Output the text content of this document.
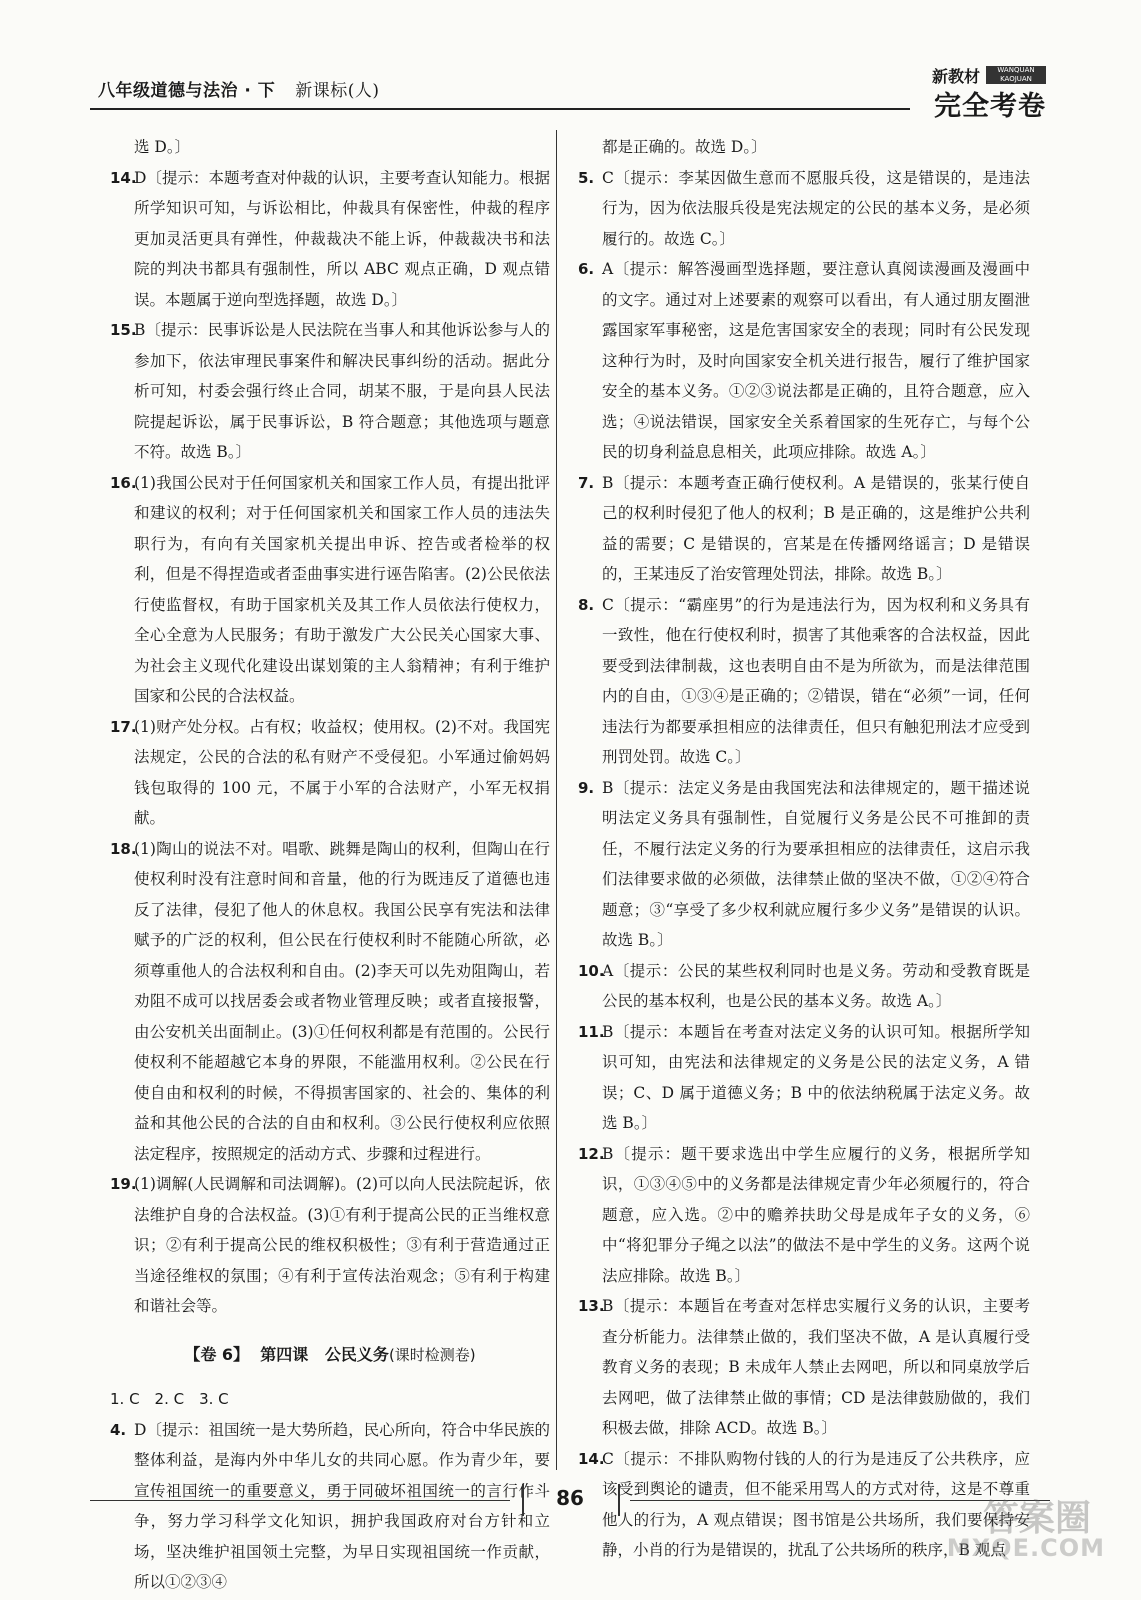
八年级道德与法治 · 下 新课标(人)
新教材	WANQUAN KAOJUAN
完全考卷

选 D。〕

14.
D〔提示：本题考查对仲裁的认识，主要考查认知能力。根据所学知识可知，与诉讼相比，仲裁具有保密性，仲裁的程序更加灵活更具有弹性，仲裁裁决不能上诉，仲裁裁决书和法院的判决书都具有强制性，所以 ABC 观点正确，D 观点错误。本题属于逆向型选择题，故选 D。〕
15.
B〔提示：民事诉讼是人民法院在当事人和其他诉讼参与人的参加下，依法审理民事案件和解决民事纠纷的活动。据此分析可知，村委会强行终止合同，胡某不服，于是向县人民法院提起诉讼，属于民事诉讼，B 符合题意；其他选项与题意不符。故选 B。〕
16.
(1)我国公民对于任何国家机关和国家工作人员，有提出批评和建议的权利；对于任何国家机关和国家工作人员的违法失职行为，有向有关国家机关提出申诉、控告或者检举的权利，但是不得捏造或者歪曲事实进行诬告陷害。(2)公民依法行使监督权，有助于国家机关及其工作人员依法行使权力，全心全意为人民服务；有助于激发广大公民关心国家大事、为社会主义现代化建设出谋划策的主人翁精神；有利于维护国家和公民的合法权益。
17.
(1)财产处分权。占有权；收益权；使用权。(2)不对。我国宪法规定，公民的合法的私有财产不受侵犯。小军通过偷妈妈钱包取得的 100 元，不属于小军的合法财产，小军无权捐献。
18.
(1)陶山的说法不对。唱歌、跳舞是陶山的权利，但陶山在行使权利时没有注意时间和音量，他的行为既违反了道德也违反了法律，侵犯了他人的休息权。我国公民享有宪法和法律赋予的广泛的权利，但公民在行使权利时不能随心所欲，必须尊重他人的合法权利和自由。(2)李天可以先劝阻陶山，若劝阻不成可以找居委会或者物业管理反映；或者直接报警，由公安机关出面制止。(3)①任何权利都是有范围的。公民行使权利不能超越它本身的界限，不能滥用权利。②公民在行使自由和权利的时候，不得损害国家的、社会的、集体的利益和其他公民的合法的自由和权利。③公民行使权利应依照法定程序，按照规定的活动方式、步骤和过程进行。
19.
(1)调解(人民调解和司法调解)。(2)可以向人民法院起诉，依法维护自身的合法权益。(3)①有利于提高公民的正当维权意识；②有利于提高公民的维权积极性；③有利于营造通过正当途径维权的氛围；④有利于宣传法治观念；⑤有利于构建和谐社会等。
【卷 6】 第四课 公民义务(课时检测卷)

1. C　2. C　3. C

4. D〔提示：祖国统一是大势所趋，民心所向，符合中华民族的整体利益，是海内外中华儿女的共同心愿。作为青少年，要宣传祖国统一的重要意义，勇于同破坏祖国统一的言行作斗争，努力学习科学文化知识，拥护我国政府对台方针和立场，坚决维护祖国领土完整，为早日实现祖国统一作贡献，所以①②③④

都是正确的。故选 D。〕

5. C〔提示：李某因做生意而不愿服兵役，这是错误的，是违法行为，因为依法服兵役是宪法规定的公民的基本义务，是必须履行的。故选 C。〕
6. A〔提示：解答漫画型选择题，要注意认真阅读漫画及漫画中的文字。通过对上述要素的观察可以看出，有人通过朋友圈泄露国家军事秘密，这是危害国家安全的表现；同时有公民发现这种行为时，及时向国家安全机关进行报告，履行了维护国家安全的基本义务。①②③说法都是正确的，且符合题意，应入选；④说法错误，国家安全关系着国家的生死存亡，与每个公民的切身利益息息相关，此项应排除。故选 A。〕
7. B〔提示：本题考查正确行使权利。A 是错误的，张某行使自己的权利时侵犯了他人的权利；B 是正确的，这是维护公共利益的需要；C 是错误的，宫某是在传播网络谣言；D 是错误的，王某违反了治安管理处罚法，排除。故选 B。〕
8. C〔提示：“霸座男”的行为是违法行为，因为权利和义务具有一致性，他在行使权利时，损害了其他乘客的合法权益，因此要受到法律制裁，这也表明自由不是为所欲为，而是法律范围内的自由，①③④是正确的；②错误，错在“必须”一词，任何违法行为都要承担相应的法律责任，但只有触犯刑法才应受到刑罚处罚。故选 C。〕
9. B〔提示：法定义务是由我国宪法和法律规定的，题干描述说明法定义务具有强制性，自觉履行义务是公民不可推卸的责任，不履行法定义务的行为要承担相应的法律责任，这启示我们法律要求做的必须做，法律禁止做的坚决不做，①②④符合题意；③“享受了多少权利就应履行多少义务”是错误的认识。故选 B。〕
10.
A〔提示：公民的某些权利同时也是义务。劳动和受教育既是公民的基本权利，也是公民的基本义务。故选 A。〕
11.
B〔提示：本题旨在考查对法定义务的认识可知。根据所学知识可知，由宪法和法律规定的义务是公民的法定义务，A 错误；C、D 属于道德义务；B 中的依法纳税属于法定义务。故选 B。〕
12.
B〔提示：题干要求选出中学生应履行的义务，根据所学知识，①③④⑤中的义务都是法律规定青少年必须履行的，符合题意，应入选。②中的赡养扶助父母是成年子女的义务，⑥中“将犯罪分子绳之以法”的做法不是中学生的义务。这两个说法应排除。故选 B。〕
13.
B〔提示：本题旨在考查对怎样忠实履行义务的认识，主要考查分析能力。法律禁止做的，我们坚决不做，A 是认真履行受教育义务的表现；B 未成年人禁止去网吧，所以和同桌放学后去网吧，做了法律禁止做的事情；CD 是法律鼓励做的，我们积极去做，排除 ACD。故选 B。〕
14.
C〔提示：不排队购物付钱的人的行为是违反了公共秩序，应该受到舆论的谴责，但不能采用骂人的方式对待，这是不尊重他人的行为，A 观点错误；图书馆是公共场所，我们要保持安静，小肖的行为是错误的，扰乱了公共场所的秩序，B 观点
86	答案圈
MXQE.COM
